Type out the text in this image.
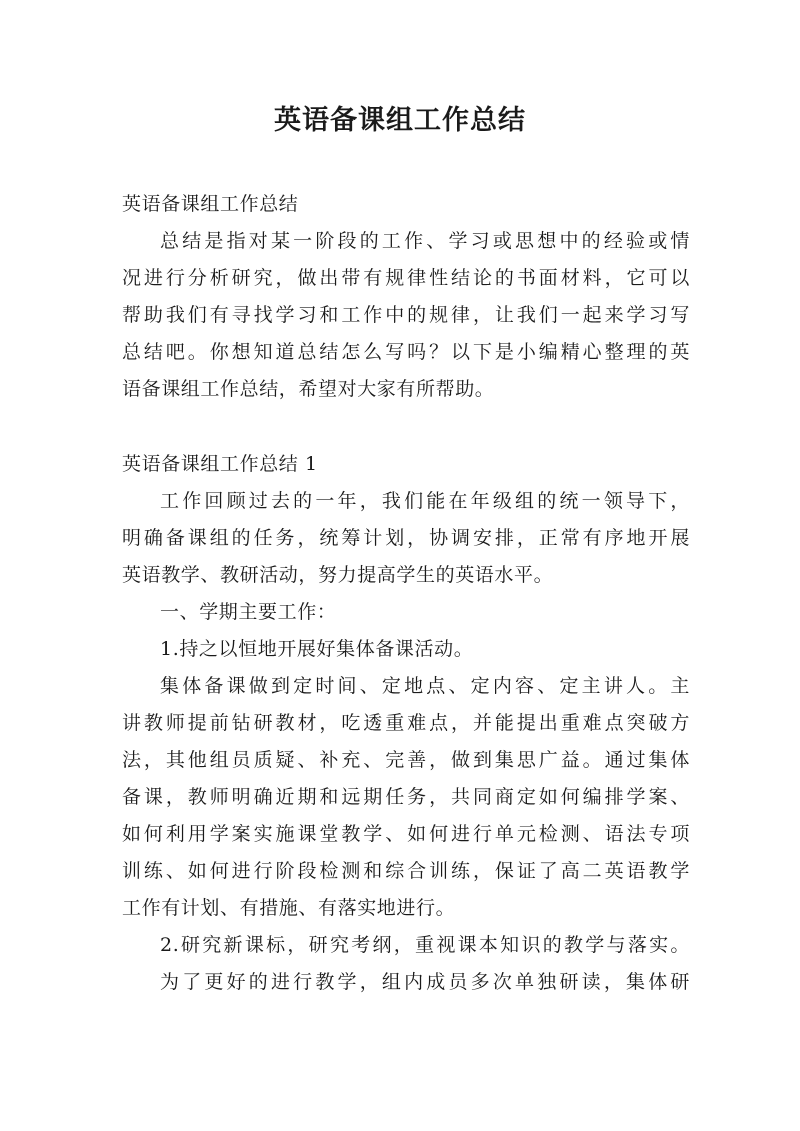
英语备课组工作总结
英语备课组工作总结
总结是指对某一阶段的工作、学习或思想中的经验或情
况进行分析研究，做出带有规律性结论的书面材料，它可以
帮助我们有寻找学习和工作中的规律，让我们一起来学习写
总结吧。你想知道总结怎么写吗？以下是小编精心整理的英
语备课组工作总结，希望对大家有所帮助。
英语备课组工作总结 1
工作回顾过去的一年，我们能在年级组的统一领导下，
明确备课组的任务，统筹计划，协调安排，正常有序地开展
英语教学、教研活动，努力提高学生的英语水平。
一、学期主要工作：
1.持之以恒地开展好集体备课活动。
集体备课做到定时间、定地点、定内容、定主讲人。主
讲教师提前钻研教材，吃透重难点，并能提出重难点突破方
法，其他组员质疑、补充、完善，做到集思广益。通过集体
备课，教师明确近期和远期任务，共同商定如何编排学案、
如何利用学案实施课堂教学、如何进行单元检测、语法专项
训练、如何进行阶段检测和综合训练，保证了高二英语教学
工作有计划、有措施、有落实地进行。
2.研究新课标，研究考纲，重视课本知识的教学与落实。
为了更好的进行教学，组内成员多次单独研读，集体研
